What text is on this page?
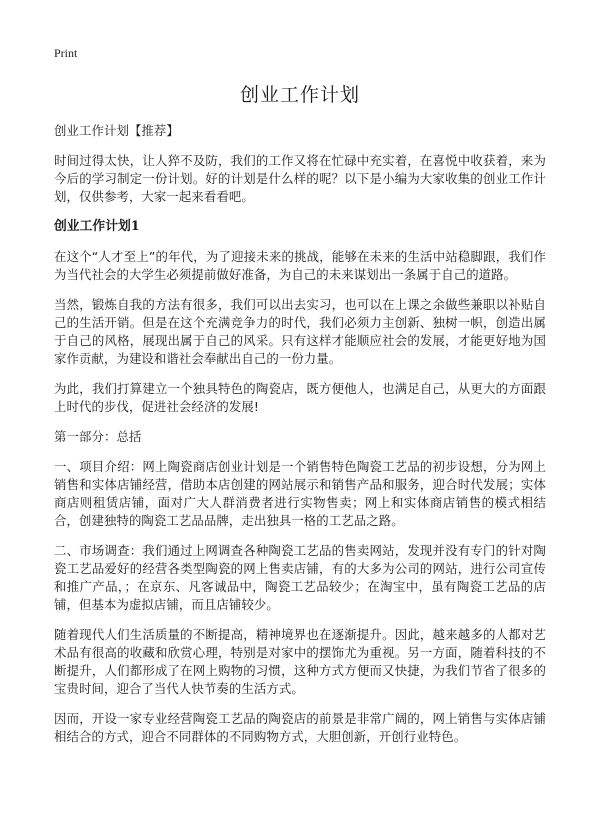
Print
创业工作计划

创业工作计划【推荐】

时间过得太快，让人猝不及防，我们的工作又将在忙碌中充实着，在喜悦中收获着，来为今后的学习制定一份计划。好的计划是什么样的呢？以下是小编为大家收集的创业工作计划，仅供参考，大家一起来看看吧。

创业工作计划1

在这个“人才至上”的年代，为了迎接未来的挑战，能够在未来的生活中站稳脚跟，我们作为当代社会的大学生必须提前做好准备，为自己的未来谋划出一条属于自己的道路。

当然，锻炼自我的方法有很多，我们可以出去实习，也可以在上课之余做些兼职以补贴自己的生活开销。但是在这个充满竞争力的时代，我们必须力主创新、独树一帜，创造出属于自己的风格，展现出属于自己的风采。只有这样才能顺应社会的发展，才能更好地为国家作贡献，为建设和谐社会奉献出自己的一份力量。

为此，我们打算建立一个独具特色的陶瓷店，既方便他人，也满足自己，从更大的方面跟上时代的步伐，促进社会经济的发展!

第一部分：总括

一、项目介绍：网上陶瓷商店创业计划是一个销售特色陶瓷工艺品的初步设想，分为网上销售和实体店铺经营，借助本店创建的网站展示和销售产品和服务，迎合时代发展；实体商店则租赁店铺，面对广大人群消费者进行实物售卖；网上和实体商店销售的模式相结合，创建独特的陶瓷工艺品品牌，走出独具一格的工艺品之路。

二、市场调查：我们通过上网调查各种陶瓷工艺品的售卖网站，发现并没有专门的针对陶瓷工艺品爱好的经营各类型陶瓷的网上售卖店铺，有的大多为公司的网站，进行公司宣传和推广产品，；在京东、凡客诚品中，陶瓷工艺品较少；在淘宝中，虽有陶瓷工艺品的店铺，但基本为虚拟店铺，而且店铺较少。

随着现代人们生活质量的不断提高，精神境界也在逐渐提升。因此，越来越多的人都对艺术品有很高的收藏和欣赏心理，特别是对家中的摆饰尤为重视。另一方面，随着科技的不断提升，人们都形成了在网上购物的习惯，这种方式方便而又快捷，为我们节省了很多的宝贵时间，迎合了当代人快节奏的生活方式。

因而，开设一家专业经营陶瓷工艺品的陶瓷店的前景是非常广阔的，网上销售与实体店铺相结合的方式，迎合不同群体的不同购物方式，大胆创新，开创行业特色。
